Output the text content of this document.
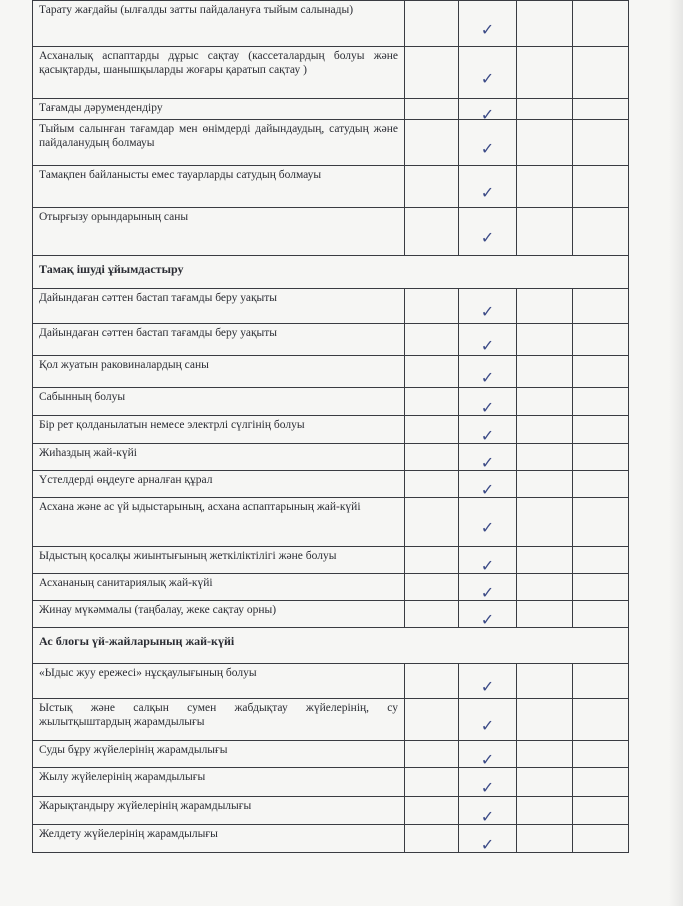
Тарату жағдайы (ылғалды затты пайдалануға тыйым салынады)		✓		
Асханалық аспаптарды дұрыс сақтау (кассеталардың болуы және қасықтарды, шанышқыларды жоғары қаратып сақтау )		✓		
Тағамды дәрумендендіру		✓		
Тыйым салынған тағамдар мен өнімдерді дайындаудың, сатудың және пайдаланудың болмауы		✓		
Тамақпен байланысты емес тауарларды сатудың болмауы		✓		
Отырғызу орындарының саны		✓		
Тамақ ішуді ұйымдастыру				
Дайындаған сәттен бастап тағамды беру уақыты		✓		
Дайындаған сәттен бастап тағамды беру уақыты		✓		
Қол жуатын раковиналардың саны		✓		
Сабынның болуы		✓		
Бір рет қолданылатын немесе электрлі сүлгінің болуы		✓		
Жиһаздың жай-күйі		✓		
Үстелдерді өңдеуге арналған құрал		✓		
Асхана және ас үй ыдыстарының, асхана аспаптарының жай-күйі		✓		
Ыдыстың қосалқы жиынтығының жеткіліктілігі және болуы		✓		
Асхананың санитариялық жай-күйі		✓		
Жинау мүкәммалы (таңбалау, жеке сақтау орны)		✓		
Ас блогы үй-жайларының жай-күйі				
«Ыдыс жуу ережесі» нұсқаулығының болуы		✓		
Ыстық және салқын сумен жабдықтау жүйелерінің, су жылытқыштардың жарамдылығы		✓		
Суды бұру жүйелерінің жарамдылығы		✓		
Жылу жүйелерінің жарамдылығы		✓		
Жарықтандыру жүйелерінің жарамдылығы		✓		
Желдету жүйелерінің жарамдылығы		✓		
